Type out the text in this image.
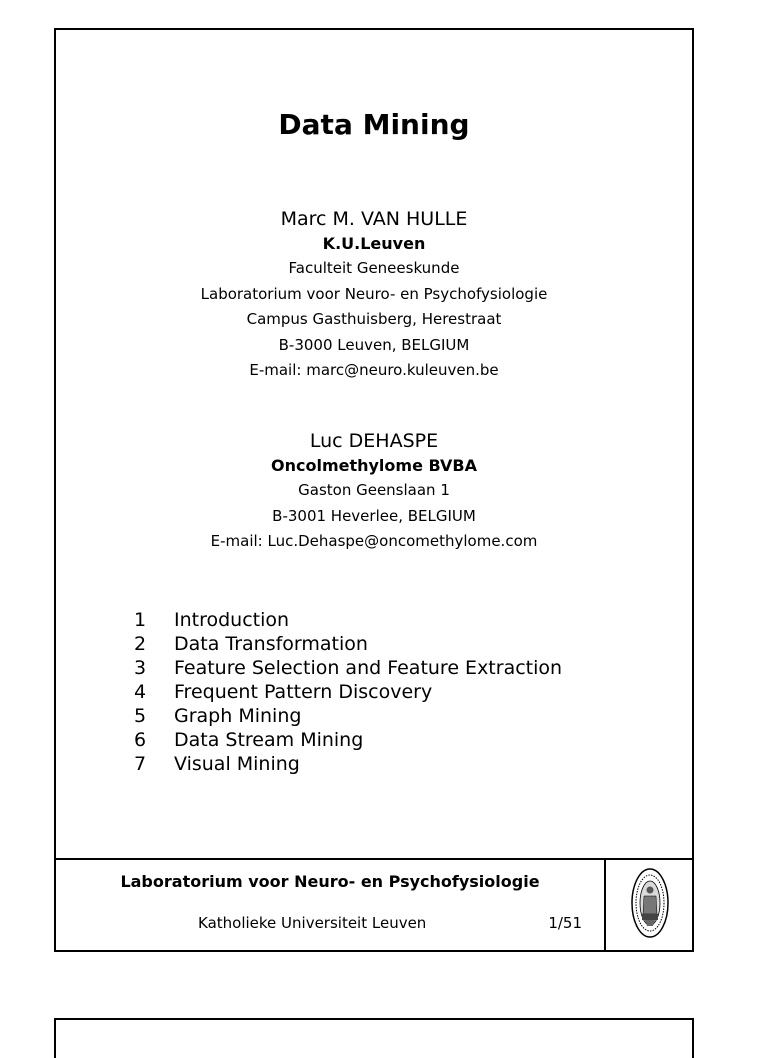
Data Mining
Marc M. VAN HULLE
K.U.Leuven
Faculteit Geneeskunde
Laboratorium voor Neuro- en Psychofysiologie
Campus Gasthuisberg, Herestraat
B-3000 Leuven, BELGIUM
E-mail: marc@neuro.kuleuven.be
Luc DEHASPE
Oncolmethylome BVBA
Gaston Geenslaan 1
B-3001 Heverlee, BELGIUM
E-mail: Luc.Dehaspe@oncomethylome.com
1 Introduction
2 Data Transformation
3 Feature Selection and Feature Extraction
4 Frequent Pattern Discovery
5 Graph Mining
6 Data Stream Mining
7 Visual Mining
Laboratorium voor Neuro- en Psychofysiologie
Katholieke Universiteit Leuven	1/51
